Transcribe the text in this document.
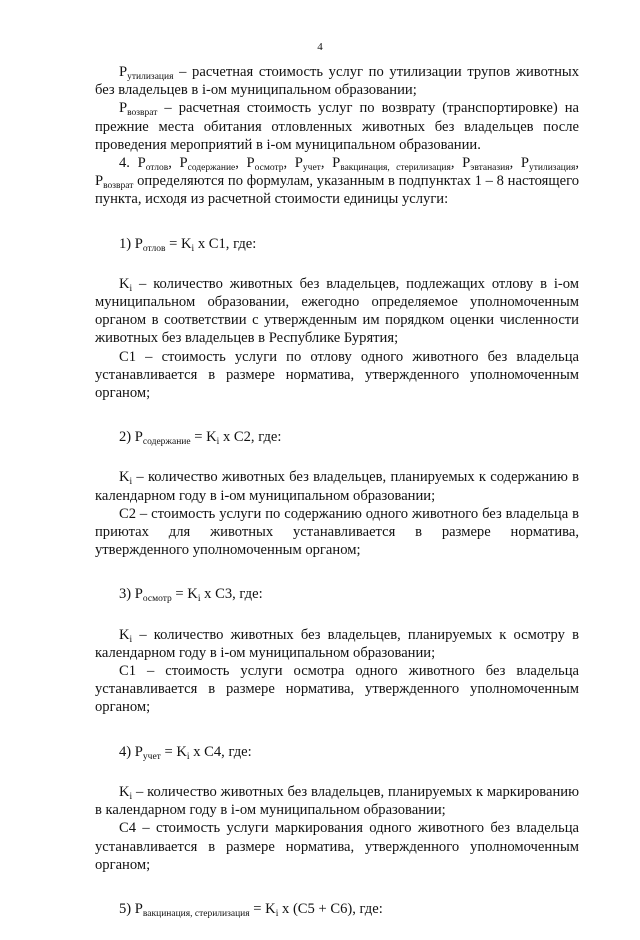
4

$P_{утилизация}$ – расчетная стоимость услуг по утилизации трупов животных без владельцев в i-ом муниципальном образовании;

$P_{возврат}$ – расчетная стоимость услуг по возврату (транспортировке) на прежние места обитания отловленных животных без владельцев после проведения мероприятий в i-ом муниципальном образовании.

4. $P_{отлов}$, $P_{содержание}$, $P_{осмотр}$, $P_{учет}$, $P_{вакцинация, стерилизация}$, $P_{эвтаназия}$, $P_{утилизация}$, $P_{возврат}$ определяются по формулам, указанным в подпунктах 1 – 8 настоящего пункта, исходя из расчетной стоимости единицы услуги:

1) $P_{отлов} = K_i$ x C1, где:

$K_i$ – количество животных без владельцев, подлежащих отлову в i-ом муниципальном образовании, ежегодно определяемое уполномоченным органом в соответствии с утвержденным им порядком оценки численности животных без владельцев в Республике Бурятия;

C1 – стоимость услуги по отлову одного животного без владельца устанавливается в размере норматива, утвержденного уполномоченным органом;

2) $P_{содержание} = K_i$ x C2, где:

$K_i$ – количество животных без владельцев, планируемых к содержанию в календарном году в i-ом муниципальном образовании;

C2 – стоимость услуги по содержанию одного животного без владельца в приютах для животных устанавливается в размере норматива, утвержденного уполномоченным органом;

3) $P_{осмотр} = K_i$ x C3, где:

$K_i$ – количество животных без владельцев, планируемых к осмотру в календарном году в i-ом муниципальном образовании;

C1 – стоимость услуги осмотра одного животного без владельца устанавливается в размере норматива, утвержденного уполномоченным органом;

4) $P_{учет} = K_i$ x C4, где:

$K_i$ – количество животных без владельцев, планируемых к маркированию в календарном году в i-ом муниципальном образовании;

C4 – стоимость услуги маркирования одного животного без владельца устанавливается в размере норматива, утвержденного уполномоченным органом;

5) $P_{вакцинация, стерилизация} = K_i$ x (C5 + C6), где:
